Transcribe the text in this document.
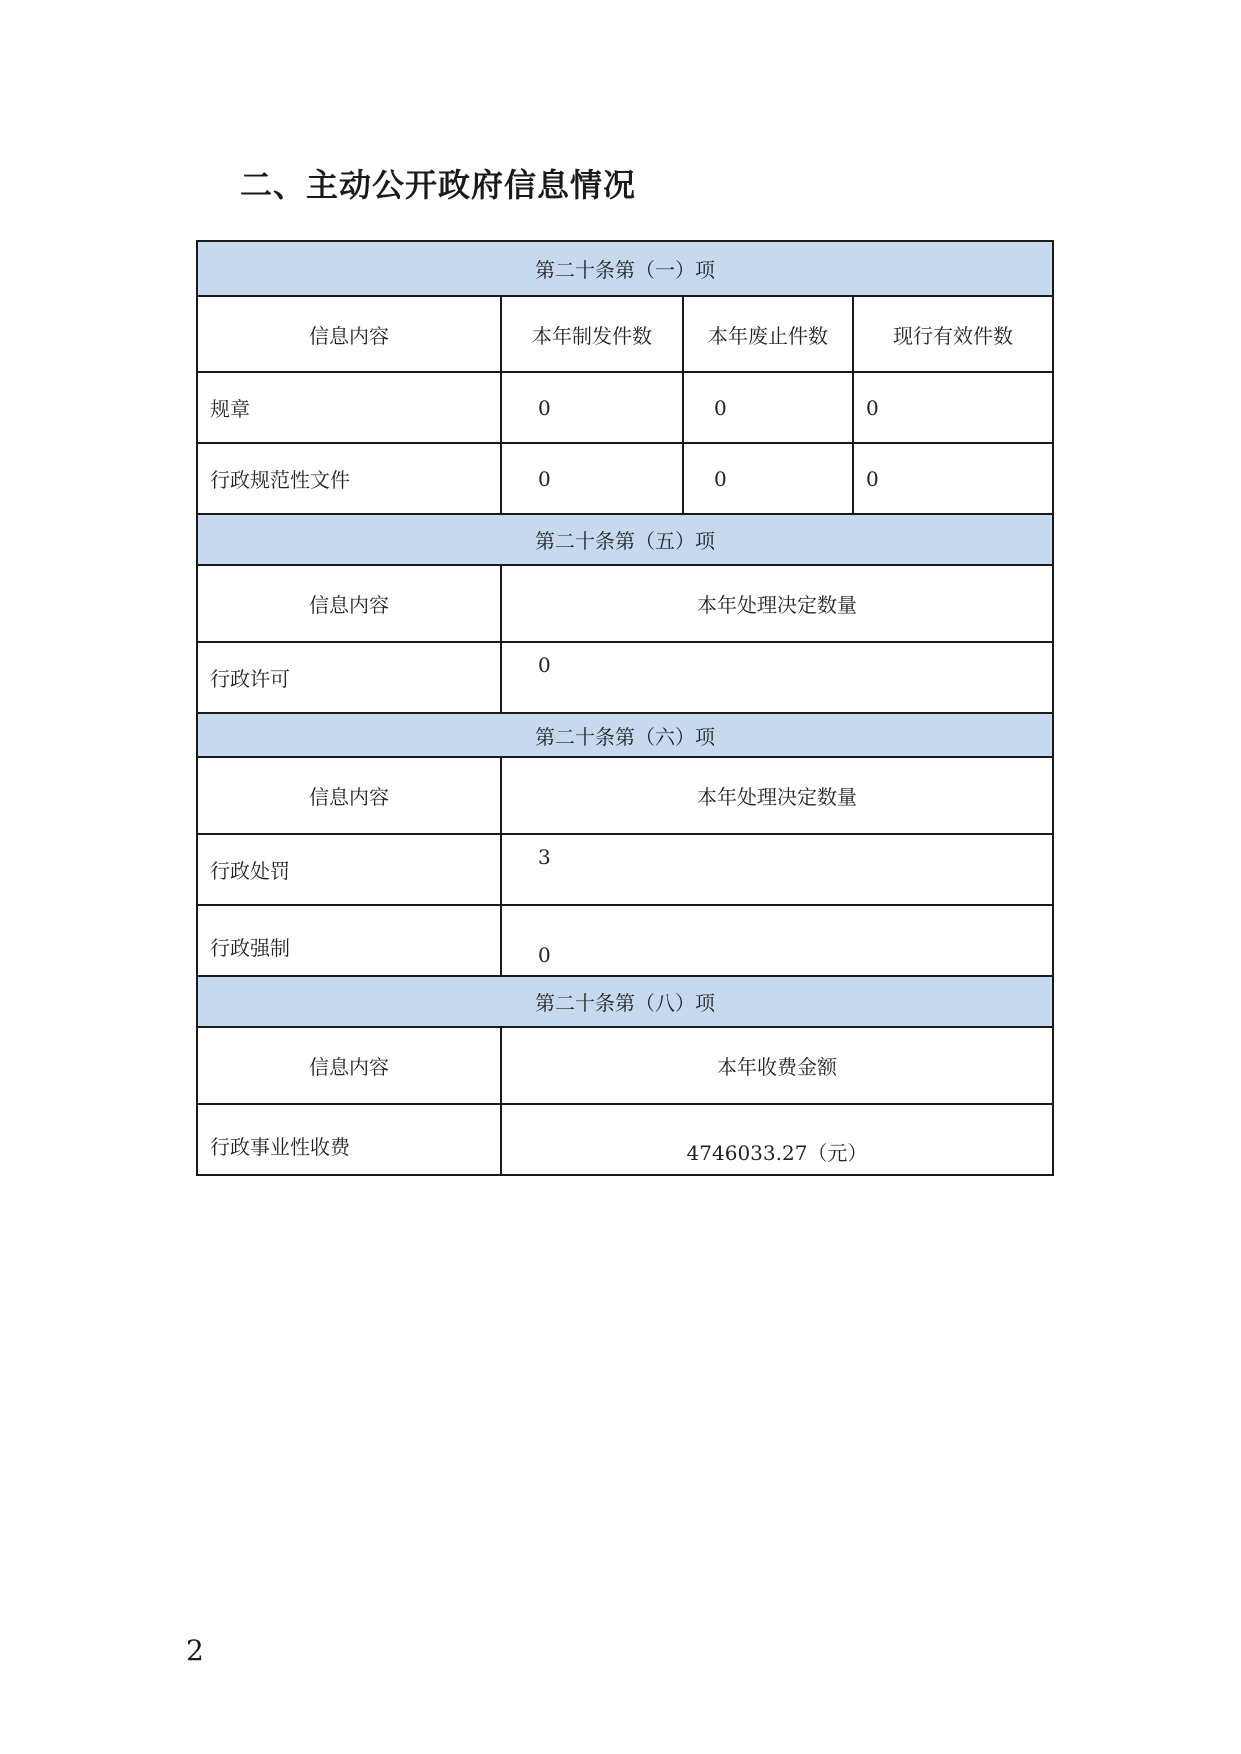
二、主动公开政府信息情况
第二十条第（一）项			
信息内容	本年制发件数	本年废止件数	现行有效件数
规章	0	0	0
行政规范性文件	0	0	0
第二十条第（五）项			
信息内容	本年处理决定数量		
行政许可	0		
第二十条第（六）项			
信息内容	本年处理决定数量		
行政处罚	3		
行政强制	0		
第二十条第（八）项			
信息内容	本年收费金额		
行政事业性收费	4746033.27（元）		
2
